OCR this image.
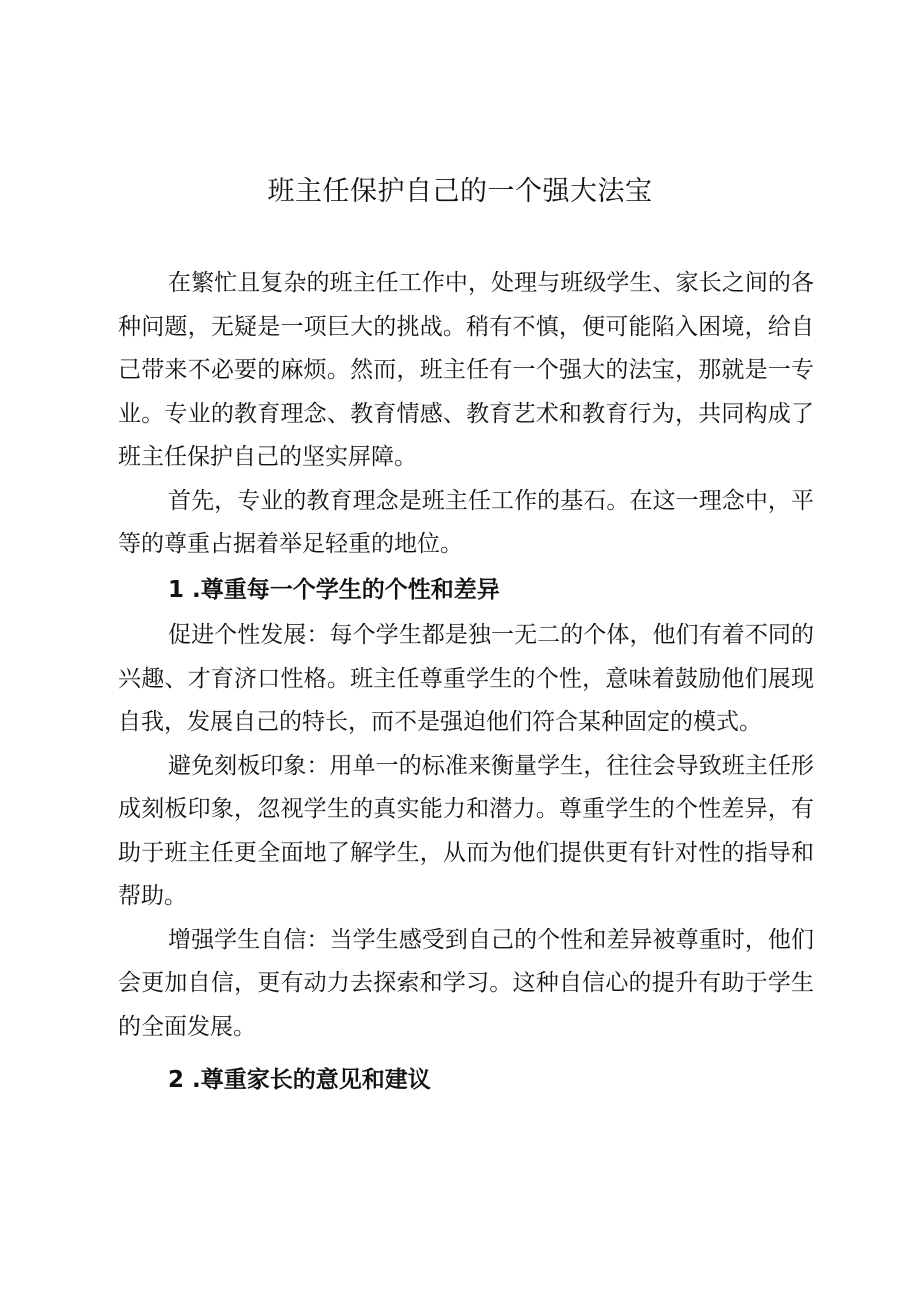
班主任保护自己的一个强大法宝

在繁忙且复杂的班主任工作中，处理与班级学生、家长之间的各种问题，无疑是一项巨大的挑战。稍有不慎，便可能陷入困境，给自己带来不必要的麻烦。然而，班主任有一个强大的法宝，那就是一专业。专业的教育理念、教育情感、教育艺术和教育行为，共同构成了班主任保护自己的坚实屏障。

首先，专业的教育理念是班主任工作的基石。在这一理念中，平等的尊重占据着举足轻重的地位。

1 .尊重每一个学生的个性和差异

促进个性发展：每个学生都是独一无二的个体，他们有着不同的兴趣、才育济口性格。班主任尊重学生的个性，意味着鼓励他们展现自我，发展自己的特长，而不是强迫他们符合某种固定的模式。

避免刻板印象：用单一的标准来衡量学生，往往会导致班主任形成刻板印象，忽视学生的真实能力和潜力。尊重学生的个性差异，有助于班主任更全面地了解学生，从而为他们提供更有针对性的指导和帮助。

增强学生自信：当学生感受到自己的个性和差异被尊重时，他们会更加自信，更有动力去探索和学习。这种自信心的提升有助于学生的全面发展。

2 .尊重家长的意见和建议
